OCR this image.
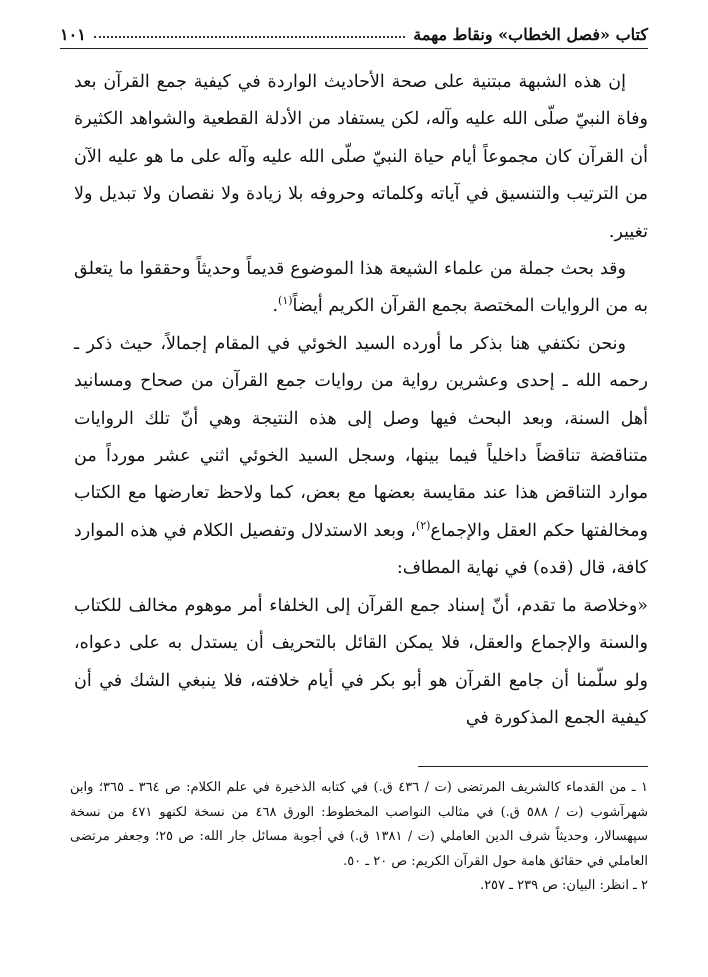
كتاب «فصل الخطاب» ونقاط مهمة
١٠١

إن هذه الشبهة مبتنية على صحة الأحاديث الواردة في كيفية جمع القرآن بعد وفاة النبيّ صلّى الله عليه وآله، لكن يستفاد من الأدلة القطعية والشواهد الكثيرة أن القرآن كان مجموعاً أيام حياة النبيّ صلّى الله عليه وآله على ما هو عليه الآن من الترتيب والتنسيق في آياته وكلماته وحروفه بلا زيادة ولا نقصان ولا تبديل ولا تغيير.

وقد بحث جملة من علماء الشيعة هذا الموضوع قديماً وحديثاً وحققوا ما يتعلق به من الروايات المختصة بجمع القرآن الكريم أيضاً$^{(١)}$.

ونحن نكتفي هنا بذكر ما أورده السيد الخوئي في المقام إجمالاً، حيث ذكر ـ رحمه الله ـ إحدى وعشرين رواية من روايات جمع القرآن من صحاح ومسانيد أهل السنة، وبعد البحث فيها وصل إلى هذه النتيجة وهي أنّ تلك الروايات متناقضة تناقضاً داخلياً فيما بينها، وسجل السيد الخوئي اثني عشر مورداً من موارد التناقض هذا عند مقايسة بعضها مع بعض، كما ولاحظ تعارضها مع الكتاب ومخالفتها حكم العقل والإجماع$^{(٢)}$، وبعد الاستدلال وتفصيل الكلام في هذه الموارد كافة، قال (قده) في نهاية المطاف:

«وخلاصة ما تقدم، أنّ إسناد جمع القرآن إلى الخلفاء أمر موهوم مخالف للكتاب والسنة والإجماع والعقل، فلا يمكن القائل بالتحريف أن يستدل به على دعواه، ولو سلّمنا أن جامع القرآن هو أبو بكر في أيام خلافته، فلا ينبغي الشك في أن كيفية الجمع المذكورة في

١ ـ من القدماء كالشريف المرتضى (ت / ٤٣٦ ق.) في كتابه الذخيرة في علم الكلام: ص ٣٦٤ ـ ٣٦٥؛ وابن شهرآشوب (ت / ٥٨٨ ق.) في مثالب النواصب المخطوط: الورق ٤٦٨ من نسخة لكنهو ٤٧١ من نسخة سپهسالار، وحديثاً شرف الدين العاملي (ت / ١٣٨١ ق.) في أجوبة مسائل جار الله: ص ٢٥؛ وجعفر مرتضى العاملي في حقائق هامة حول القرآن الكريم: ص ٢٠ ـ ٥٠.

٢ ـ انظر: البيان: ص ٢٣٩ ـ ٢٥٧.
